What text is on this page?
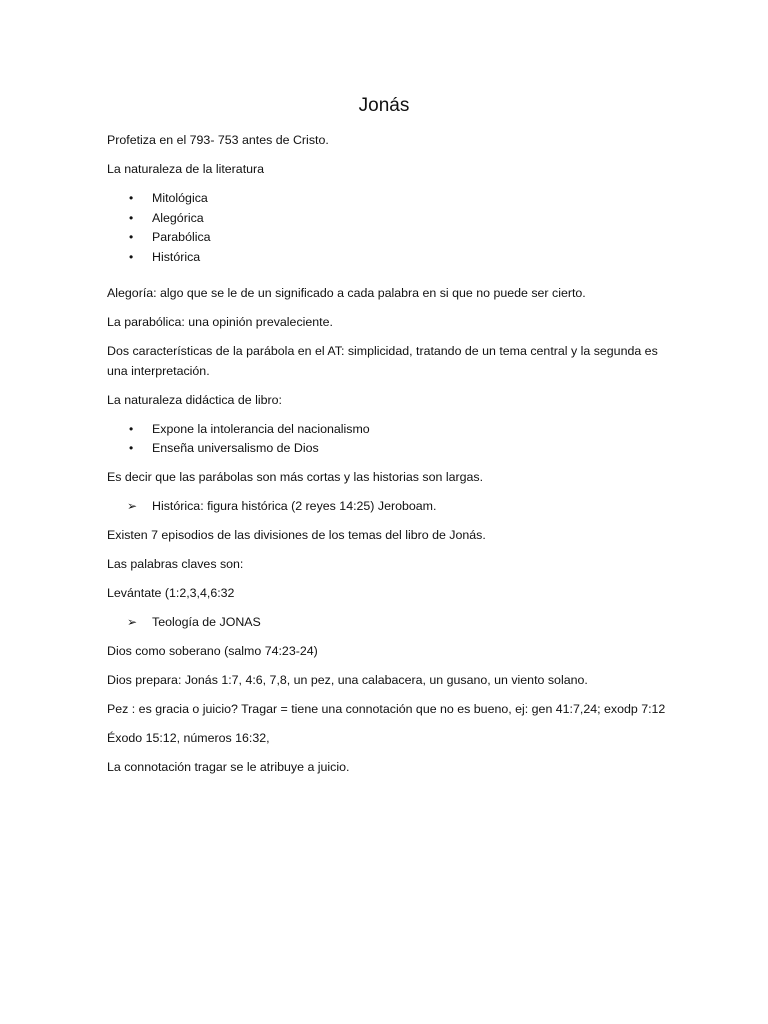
Jonás

Profetiza en el 793- 753 antes de Cristo.

La naturaleza de la literatura

• Mitológica
• Alegórica
• Parabólica
• Histórica

Alegoría: algo que se le de un significado a cada palabra en si que no puede ser cierto.

La parabólica: una opinión prevaleciente.

Dos características de la parábola en el AT: simplicidad, tratando de un tema central y la segunda es una interpretación.

La naturaleza didáctica de libro:

• Expone la intolerancia del nacionalismo
• Enseña universalismo de Dios

Es decir que las parábolas son más cortas y las historias son largas.

➢ Histórica: figura histórica (2 reyes 14:25) Jeroboam.

Existen 7 episodios de las divisiones de los temas del libro de Jonás.

Las palabras claves son:

Levántate (1:2,3,4,6:32

➢ Teología de JONAS

Dios como soberano (salmo 74:23-24)

Dios prepara: Jonás 1:7, 4:6, 7,8, un pez, una calabacera, un gusano, un viento solano.

Pez : es gracia o juicio? Tragar = tiene una connotación que no es bueno, ej: gen 41:7,24; exodp 7:12

Éxodo 15:12, números 16:32,

La connotación tragar se le atribuye a juicio.
